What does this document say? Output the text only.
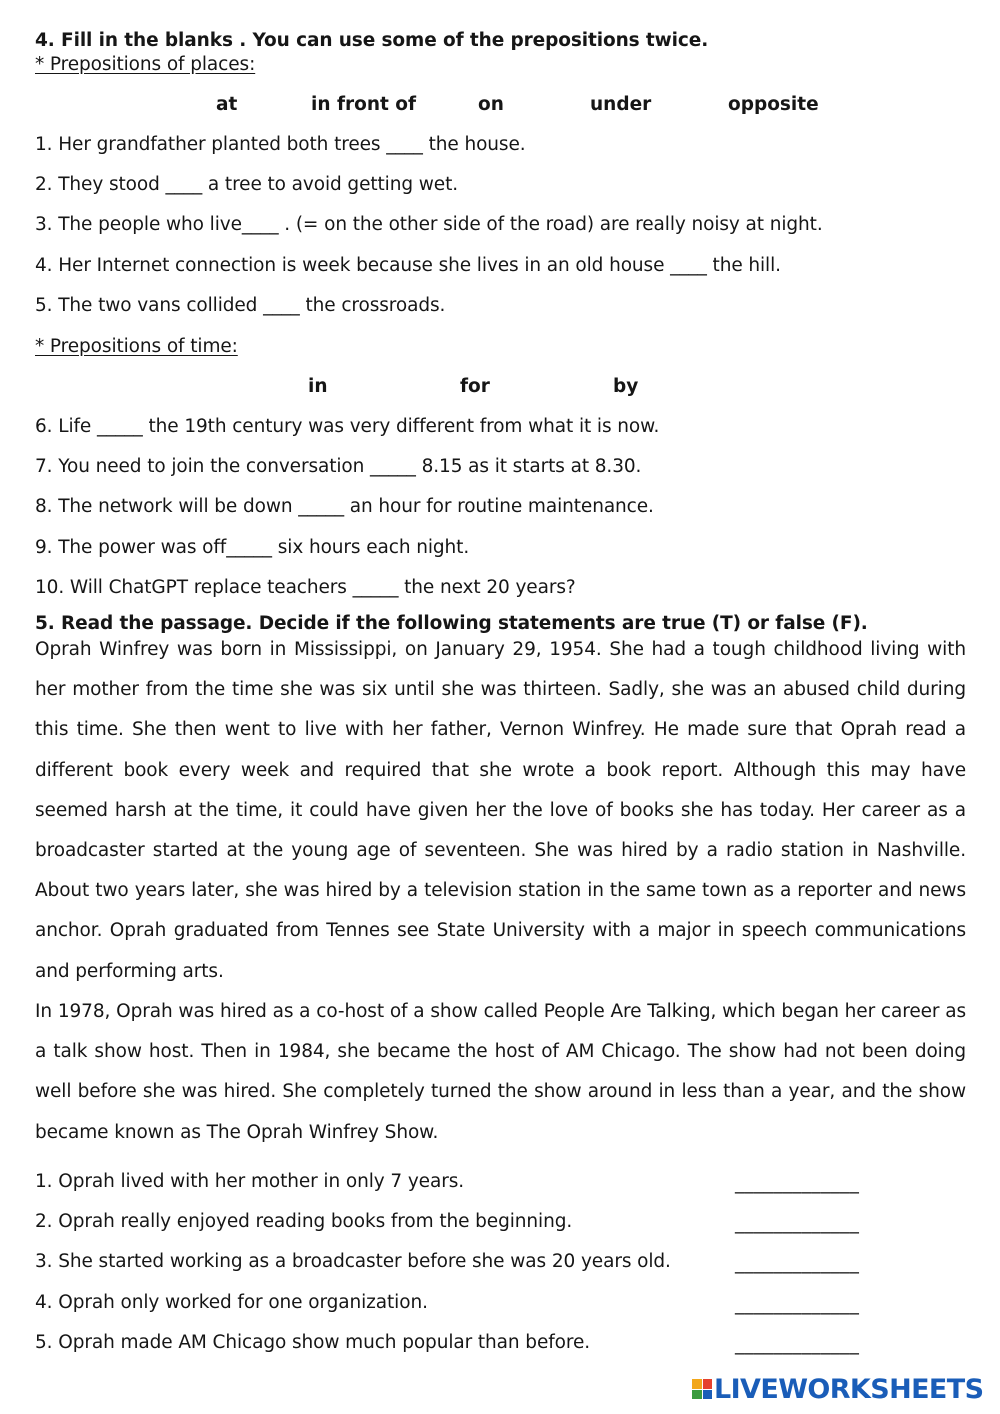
4. Fill in the blanks . You can use some of the prepositions twice.
* Prepositions of places:
at	in front of	on	under	opposite
1. Her grandfather planted both trees ____ the house.
2. They stood ____ a tree to avoid getting wet.
3. The people who live____ . (= on the other side of the road) are really noisy at night.
4. Her Internet connection is week because she lives in an old house ____ the hill.
5. The two vans collided ____ the crossroads.
* Prepositions of time:
in	for	by
6. Life _____ the 19th century was very different from what it is now.
7. You need to join the conversation _____ 8.15 as it starts at 8.30.
8. The network will be down _____ an hour for routine maintenance.
9. The power was off_____ six hours each night.
10. Will ChatGPT replace teachers _____ the next 20 years?
5. Read the passage. Decide if the following statements are true (T) or false (F).

Oprah Winfrey was born in Mississippi, on January 29, 1954. She had a tough childhood living with her mother from the time she was six until she was thirteen. Sadly, she was an abused child during this time. She then went to live with her father, Vernon Winfrey. He made sure that Oprah read a different book every week and required that she wrote a book report. Although this may have seemed harsh at the time, it could have given her the love of books she has today. Her career as a broadcaster started at the young age of seventeen. She was hired by a radio station in Nashville. About two years later, she was hired by a television station in the same town as a reporter and news anchor. Oprah graduated from Tennes see State University with a major in speech communications and performing arts.

In 1978, Oprah was hired as a co-host of a show called People Are Talking, which began her career as a talk show host. Then in 1984, she became the host of AM Chicago. The show had not been doing well before she was hired. She completely turned the show around in less than a year, and the show became known as The Oprah Winfrey Show.

1. Oprah lived with her mother in only 7 years.	_____________
2. Oprah really enjoyed reading books from the beginning.	_____________
3. She started working as a broadcaster before she was 20 years old.	_____________
4. Oprah only worked for one organization.	_____________
5. Oprah made AM Chicago show much popular than before.	_____________
LIVEWORKSHEETS
